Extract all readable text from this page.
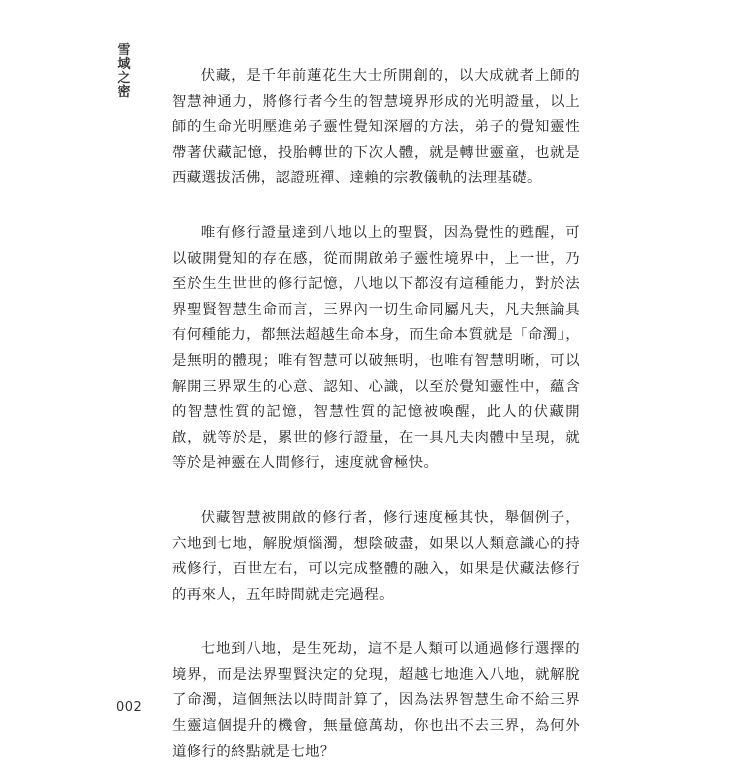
雪域之密

伏藏，是千年前蓮花生大士所開創的，以大成就者上師的智慧神通力，將修行者今生的智慧境界形成的光明證量，以上師的生命光明壓進弟子靈性覺知深層的方法，弟子的覺知靈性帶著伏藏記憶，投胎轉世的下次人體，就是轉世靈童，也就是西藏選拔活佛，認證班禪、達賴的宗教儀軌的法理基礎。

唯有修行證量達到八地以上的聖賢，因為覺性的甦醒，可以破開覺知的存在感，從而開啟弟子靈性境界中，上一世，乃至於生生世世的修行記憶，八地以下都沒有這種能力，對於法界聖賢智慧生命而言，三界內一切生命同屬凡夫，凡夫無論具有何種能力，都無法超越生命本身，而生命本質就是「命濁」，是無明的體現；唯有智慧可以破無明，也唯有智慧明晰，可以解開三界眾生的心意、認知、心識，以至於覺知靈性中，蘊含的智慧性質的記憶，智慧性質的記憶被喚醒，此人的伏藏開啟，就等於是，累世的修行證量，在一具凡夫肉體中呈現，就等於是神靈在人間修行，速度就會極快。

伏藏智慧被開啟的修行者，修行速度極其快，舉個例子，六地到七地，解脫煩惱濁，想陰破盡，如果以人類意識心的持戒修行，百世左右，可以完成整體的融入，如果是伏藏法修行的再來人，五年時間就走完過程。

七地到八地，是生死劫，這不是人類可以通過修行選擇的境界，而是法界聖賢決定的兌現，超越七地進入八地，就解脫了命濁，這個無法以時間計算了，因為法界智慧生命不給三界生靈這個提升的機會，無量億萬劫，你也出不去三界，為何外道修行的終點就是七地？

002
